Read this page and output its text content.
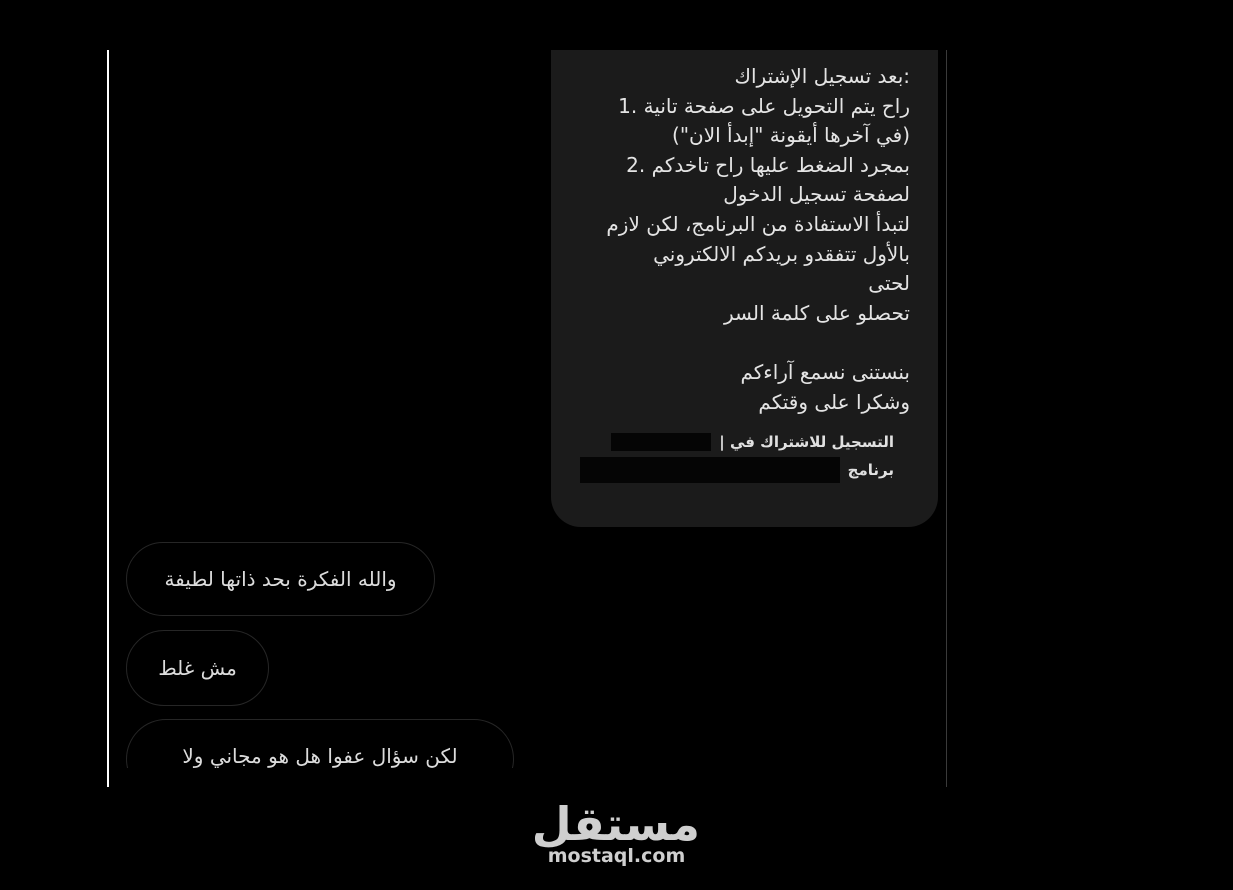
:بعد تسجيل الإشتراك
راح يتم التحويل على صفحة تانية .1
(في آخرها أيقونة "إبدأ الان")
بمجرد الضغط عليها راح تاخدكم .2
لصفحة تسجيل الدخول
لتبدأ الاستفادة من البرنامج، لكن لازم
بالأول تتفقدو بريدكم الالكتروني
لحتى
تحصلو على كلمة السر
بنستنى نسمع آراءكم
وشكرا على وقتكم
التسجيل للاشتراك في |
برنامج
والله الفكرة بحد ذاتها لطيفة
مش غلط
لكن سؤال عفوا هل هو مجاني ولا
مستقل
mostaql.com
